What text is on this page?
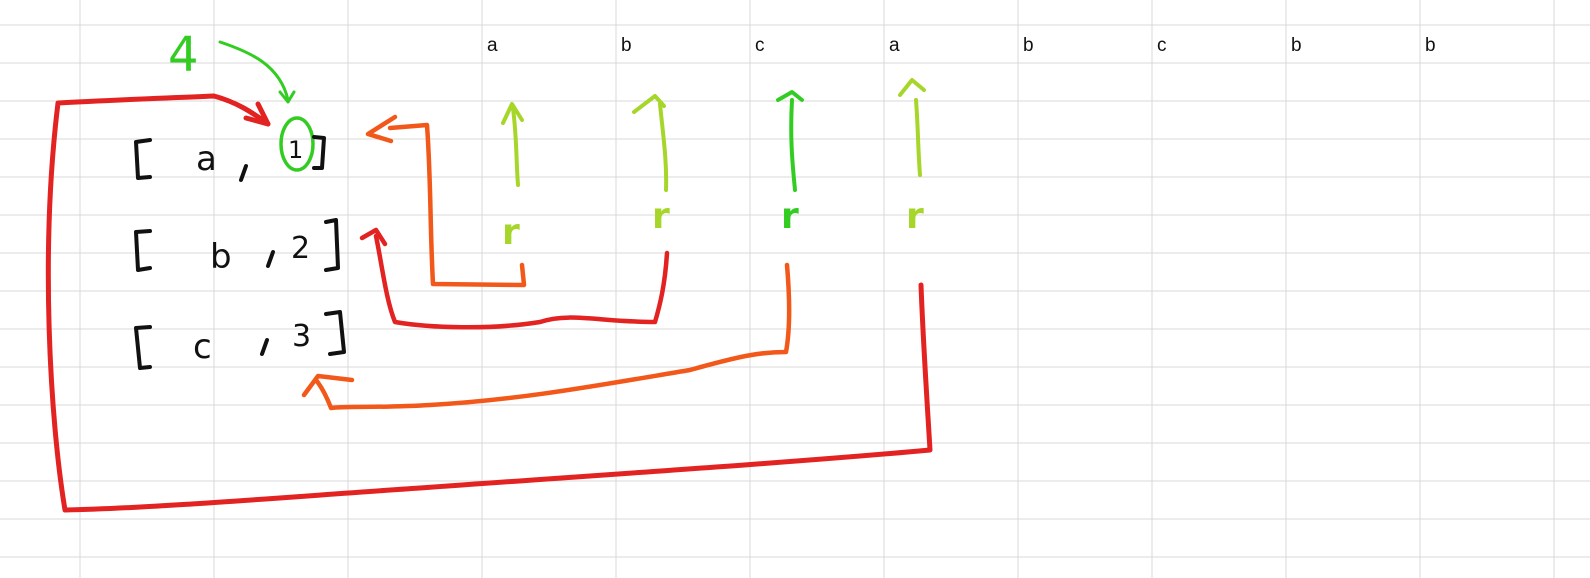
a	b	c	a	b	c	b	b
4
a	1
b 2
c	3
r	r	r	r
